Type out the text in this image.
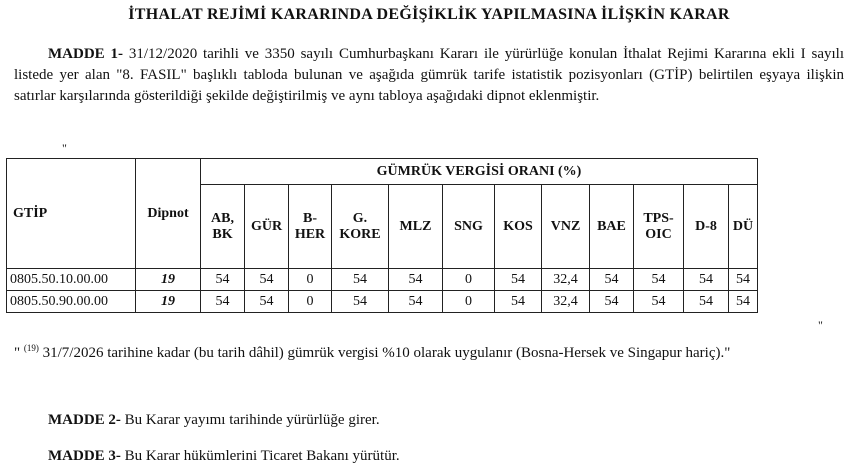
İTHALAT REJİMİ KARARINDA DEĞİŞİKLİK YAPILMASINA İLİŞKİN KARAR
MADDE 1- 31/12/2020 tarihli ve 3350 sayılı Cumhurbaşkanı Kararı ile yürürlüğe konulan İthalat Rejimi Kararına ekli I sayılı listede yer alan "8. FASIL" başlıklı tabloda bulunan ve aşağıda gümrük tarife istatistik pozisyonları (GTİP) belirtilen eşyaya ilişkin satırlar karşılarında gösterildiği şekilde değiştirilmiş ve aynı tabloya aşağıdaki dipnot eklenmiştir.
"
GTİP	Dipnot	GÜMRÜK VERGİSİ ORANI (%)											
		AB, BK	GÜR	B-HER	G. KORE	MLZ	SNG	KOS	VNZ	BAE	TPS-OIC	D-8	DÜ
0805.50.10.00.00	19	54	54	0	54	54	0	54	32,4	54	54	54	54
0805.50.90.00.00	19	54	54	0	54	54	0	54	32,4	54	54	54	54
"
" $^{(19)}$ 31/7/2026 tarihine kadar (bu tarih dâhil) gümrük vergisi %10 olarak uygulanır (Bosna-Hersek ve Singapur hariç)."
MADDE 2- Bu Karar yayımı tarihinde yürürlüğe girer.
MADDE 3- Bu Karar hükümlerini Ticaret Bakanı yürütür.
